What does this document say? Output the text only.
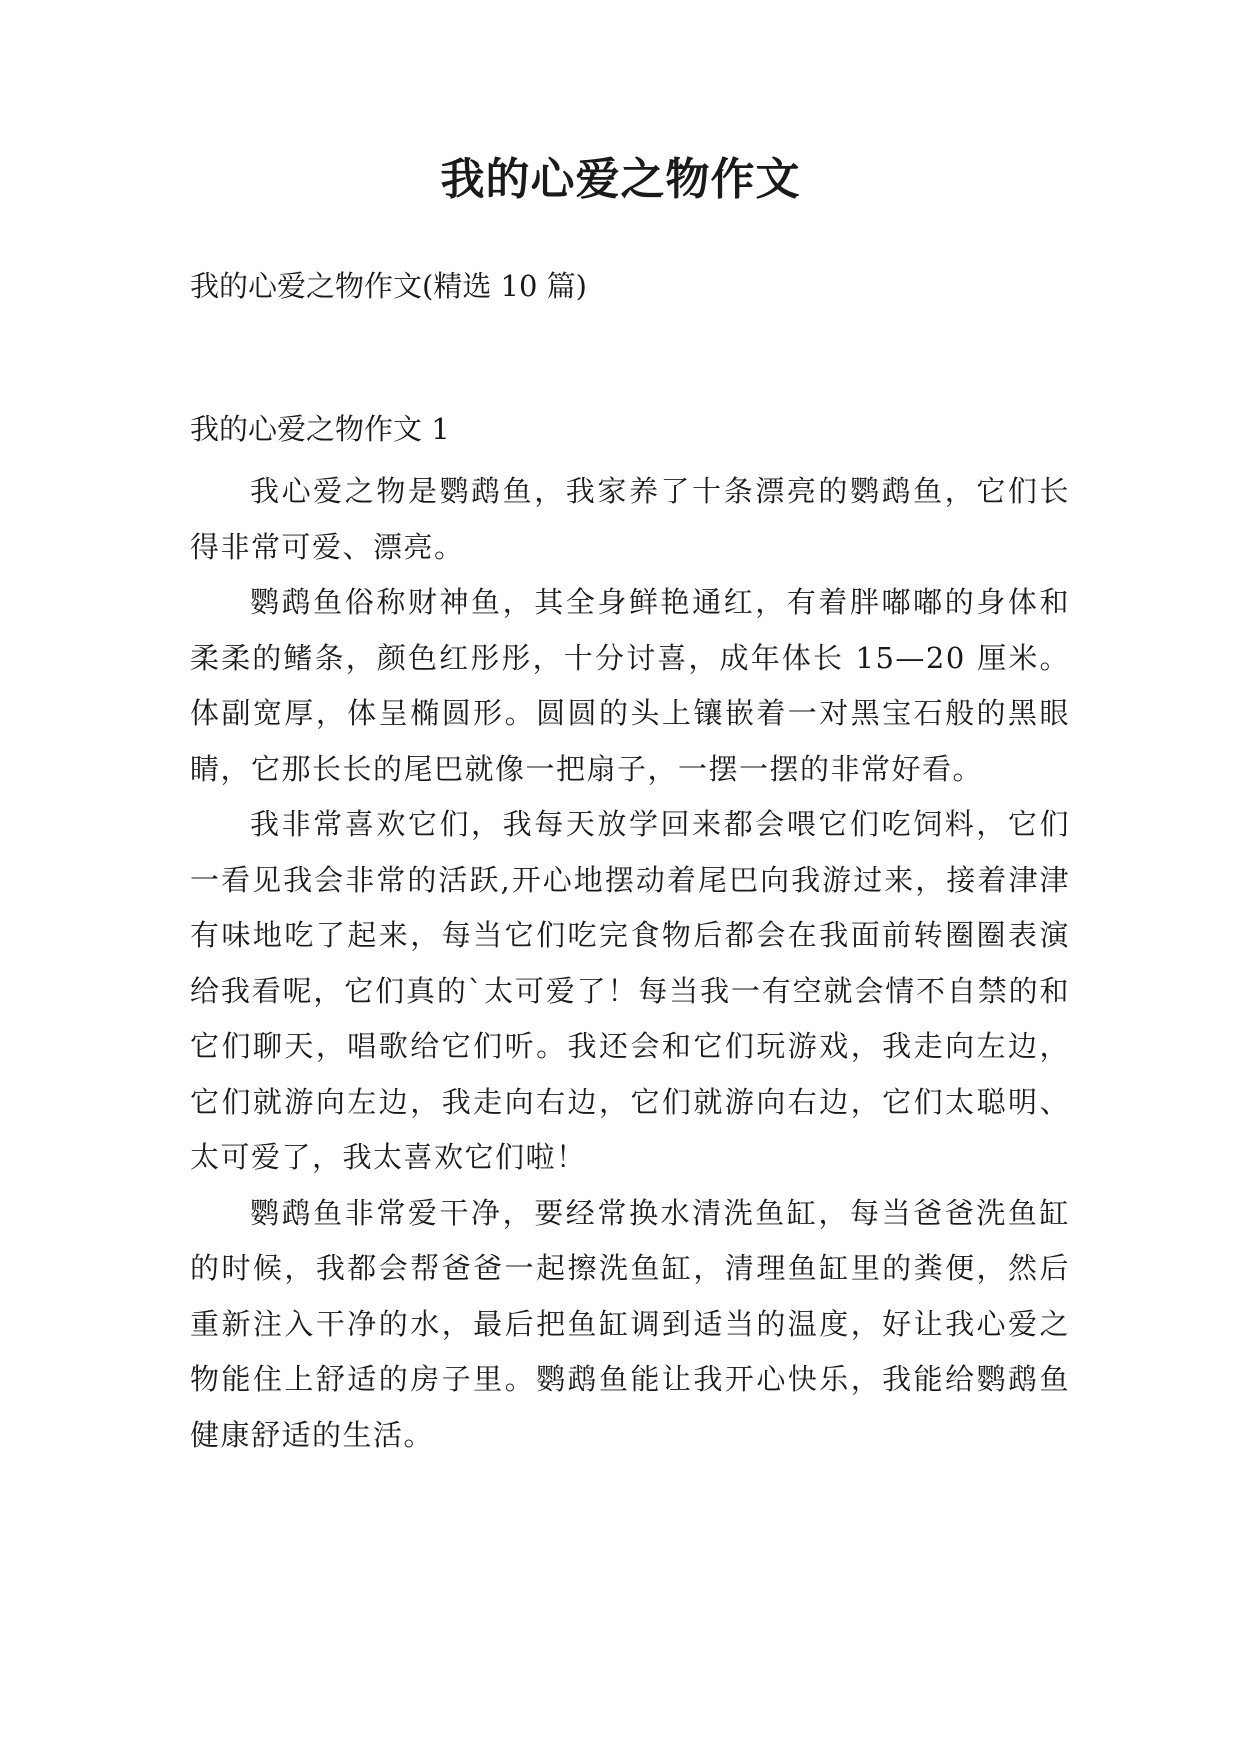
我的心爱之物作文

我的心爱之物作文(精选 10 篇)

我的心爱之物作文 1

我心爱之物是鹦鹉鱼，我家养了十条漂亮的鹦鹉鱼，它们长得非常可爱、漂亮。

鹦鹉鱼俗称财神鱼，其全身鲜艳通红，有着胖嘟嘟的身体和柔柔的鳍条，颜色红彤彤，十分讨喜，成年体长 15—20 厘米。体副宽厚，体呈椭圆形。圆圆的头上镶嵌着一对黑宝石般的黑眼睛，它那长长的尾巴就像一把扇子，一摆一摆的非常好看。

我非常喜欢它们，我每天放学回来都会喂它们吃饲料，它们一看见我会非常的活跃,开心地摆动着尾巴向我游过来，接着津津有味地吃了起来，每当它们吃完食物后都会在我面前转圈圈表演给我看呢，它们真的`太可爱了！每当我一有空就会情不自禁的和它们聊天，唱歌给它们听。我还会和它们玩游戏，我走向左边，它们就游向左边，我走向右边，它们就游向右边，它们太聪明、太可爱了，我太喜欢它们啦！

鹦鹉鱼非常爱干净，要经常换水清洗鱼缸，每当爸爸洗鱼缸的时候，我都会帮爸爸一起擦洗鱼缸，清理鱼缸里的粪便，然后重新注入干净的水，最后把鱼缸调到适当的温度，好让我心爱之物能住上舒适的房子里。鹦鹉鱼能让我开心快乐，我能给鹦鹉鱼健康舒适的生活。
